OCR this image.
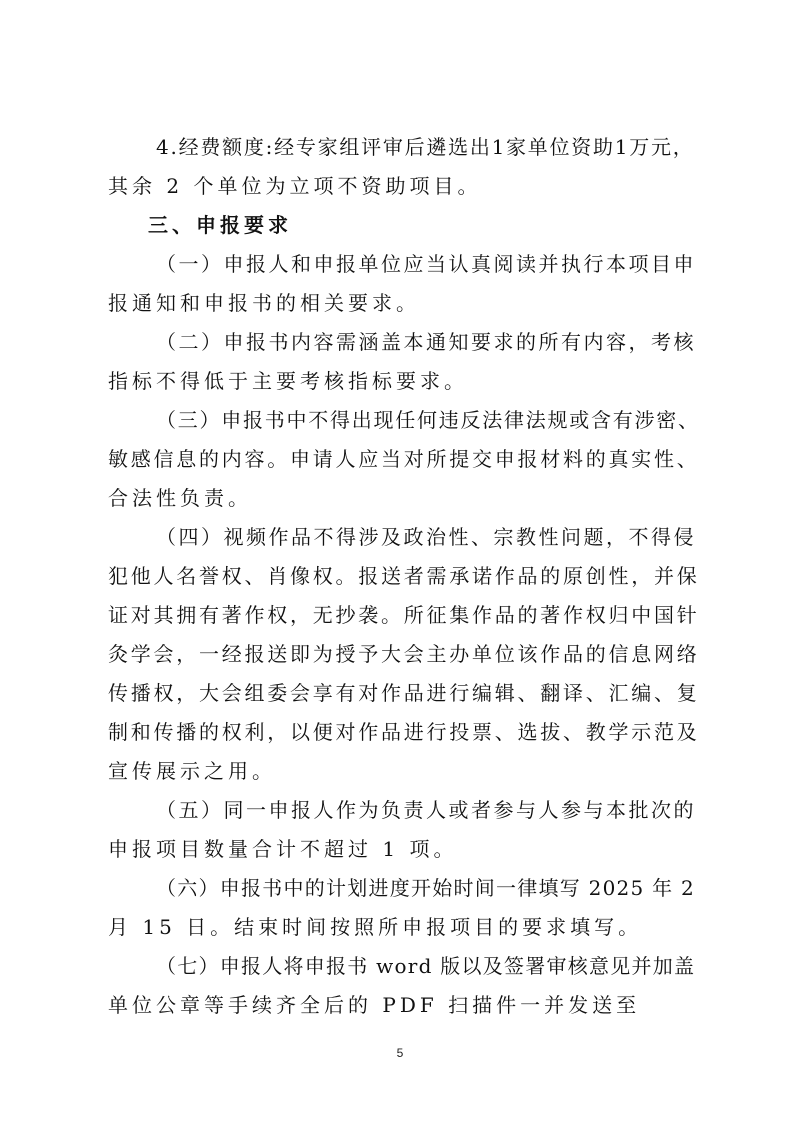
4.经费额度:经专家组评审后遴选出1家单位资助1万元，
其余 2 个单位为立项不资助项目。

三、申报要求

（一）申报人和申报单位应当认真阅读并执行本项目申
报通知和申报书的相关要求。

（二）申报书内容需涵盖本通知要求的所有内容，考核
指标不得低于主要考核指标要求。

（三）申报书中不得出现任何违反法律法规或含有涉密、
敏感信息的内容。申请人应当对所提交申报材料的真实性、
合法性负责。

（四）视频作品不得涉及政治性、宗教性问题，不得侵
犯他人名誉权、肖像权。报送者需承诺作品的原创性，并保
证对其拥有著作权，无抄袭。所征集作品的著作权归中国针
灸学会，一经报送即为授予大会主办单位该作品的信息网络
传播权，大会组委会享有对作品进行编辑、翻译、汇编、复
制和传播的权利，以便对作品进行投票、选拔、教学示范及
宣传展示之用。

（五）同一申报人作为负责人或者参与人参与本批次的
申报项目数量合计不超过 1 项。

（六）申报书中的计划进度开始时间一律填写 2025 年 2
月 15 日。结束时间按照所申报项目的要求填写。

（七）申报人将申报书 word 版以及签署审核意见并加盖
单位公章等手续齐全后的 PDF 扫描件一并发送至

5
